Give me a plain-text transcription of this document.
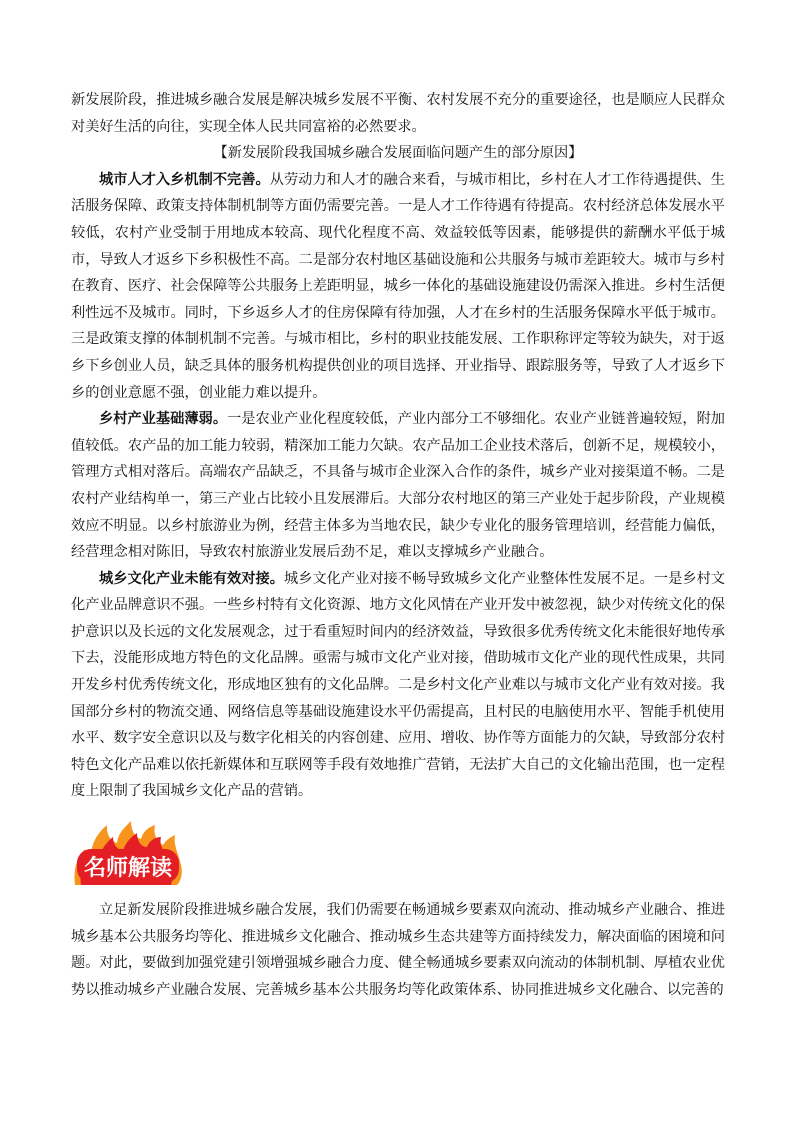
新发展阶段，推进城乡融合发展是解决城乡发展不平衡、农村发展不充分的重要途径，也是顺应人民群众对美好生活的向往，实现全体人民共同富裕的必然要求。

【新发展阶段我国城乡融合发展面临问题产生的部分原因】

城市人才入乡机制不完善。从劳动力和人才的融合来看，与城市相比，乡村在人才工作待遇提供、生活服务保障、政策支持体制机制等方面仍需要完善。一是人才工作待遇有待提高。农村经济总体发展水平较低，农村产业受制于用地成本较高、现代化程度不高、效益较低等因素，能够提供的薪酬水平低于城市，导致人才返乡下乡积极性不高。二是部分农村地区基础设施和公共服务与城市差距较大。城市与乡村在教育、医疗、社会保障等公共服务上差距明显，城乡一体化的基础设施建设仍需深入推进。乡村生活便利性远不及城市。同时，下乡返乡人才的住房保障有待加强，人才在乡村的生活服务保障水平低于城市。三是政策支撑的体制机制不完善。与城市相比，乡村的职业技能发展、工作职称评定等较为缺失，对于返乡下乡创业人员，缺乏具体的服务机构提供创业的项目选择、开业指导、跟踪服务等，导致了人才返乡下乡的创业意愿不强，创业能力难以提升。

乡村产业基础薄弱。一是农业产业化程度较低，产业内部分工不够细化。农业产业链普遍较短，附加值较低。农产品的加工能力较弱，精深加工能力欠缺。农产品加工企业技术落后，创新不足，规模较小，管理方式相对落后。高端农产品缺乏，不具备与城市企业深入合作的条件，城乡产业对接渠道不畅。二是农村产业结构单一，第三产业占比较小且发展滞后。大部分农村地区的第三产业处于起步阶段，产业规模效应不明显。以乡村旅游业为例，经营主体多为当地农民，缺少专业化的服务管理培训，经营能力偏低，经营理念相对陈旧，导致农村旅游业发展后劲不足，难以支撑城乡产业融合。

城乡文化产业未能有效对接。城乡文化产业对接不畅导致城乡文化产业整体性发展不足。一是乡村文化产业品牌意识不强。一些乡村特有文化资源、地方文化风情在产业开发中被忽视，缺少对传统文化的保护意识以及长远的文化发展观念，过于看重短时间内的经济效益，导致很多优秀传统文化未能很好地传承下去，没能形成地方特色的文化品牌。亟需与城市文化产业对接，借助城市文化产业的现代性成果，共同开发乡村优秀传统文化，形成地区独有的文化品牌。二是乡村文化产业难以与城市文化产业有效对接。我国部分乡村的物流交通、网络信息等基础设施建设水平仍需提高，且村民的电脑使用水平、智能手机使用水平、数字安全意识以及与数字化相关的内容创建、应用、增收、协作等方面能力的欠缺，导致部分农村特色文化产品难以依托新媒体和互联网等手段有效地推广营销，无法扩大自己的文化输出范围，也一定程度上限制了我国城乡文化产品的营销。

名师解读

立足新发展阶段推进城乡融合发展，我们仍需要在畅通城乡要素双向流动、推动城乡产业融合、推进城乡基本公共服务均等化、推进城乡文化融合、推动城乡生态共建等方面持续发力，解决面临的困境和问题。对此，要做到加强党建引领增强城乡融合力度、健全畅通城乡要素双向流动的体制机制、厚植农业优势以推动城乡产业融合发展、完善城乡基本公共服务均等化政策体系、协同推进城乡文化融合、以完善的
